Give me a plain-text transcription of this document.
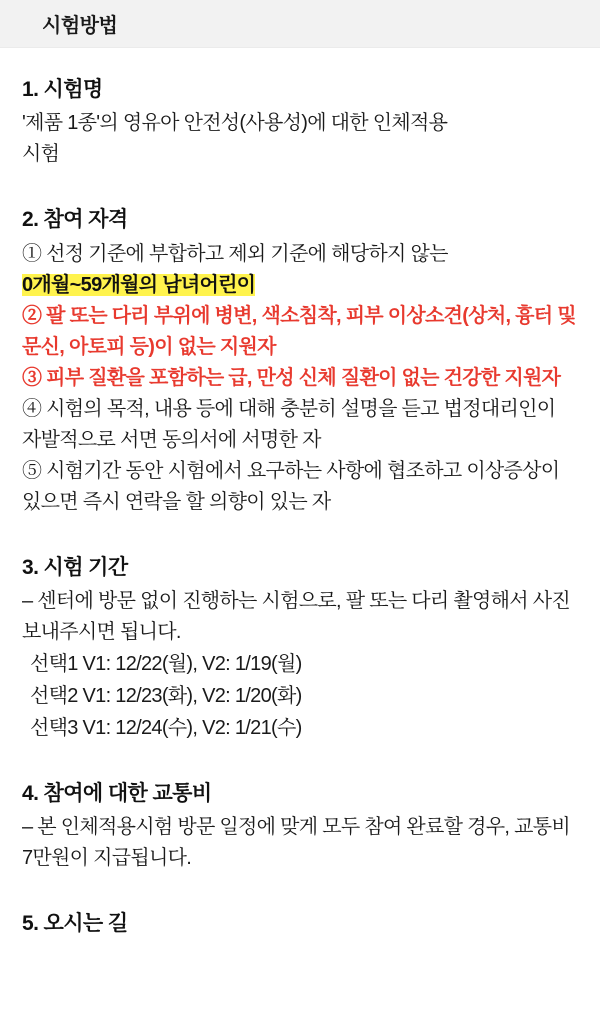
시험방법
1. 시험명

'제품 1종'의 영유아 안전성(사용성)에 대한 인체적용

시험

2. 참여 자격

① 선정 기준에 부합하고 제외 기준에 해당하지 않는
0개월~59개월의 남녀어린이

② 팔 또는 다리 부위에 병변, 색소침착, 피부 이상소견(상처, 흉터 및 문신, 아토피 등)이 없는 지원자

③ 피부 질환을 포함하는 급, 만성 신체 질환이 없는 건강한 지원자

④ 시험의 목적, 내용 등에 대해 충분히 설명을 듣고 법정대리인이 자발적으로 서면 동의서에 서명한 자

⑤ 시험기간 동안 시험에서 요구하는 사항에 협조하고 이상증상이 있으면 즉시 연락을 할 의향이 있는 자

3. 시험 기간

– 센터에 방문 없이 진행하는 시험으로, 팔 또는 다리 촬영해서 사진 보내주시면 됩니다.

선택1 V1: 12/22(월), V2: 1/19(월)
선택2 V1: 12/23(화), V2: 1/20(화)
선택3 V1: 12/24(수), V2: 1/21(수)
4. 참여에 대한 교통비

– 본 인체적용시험 방문 일정에 맞게 모두 참여 완료할 경우, 교통비 7만원이 지급됩니다.

5. 오시는 길
